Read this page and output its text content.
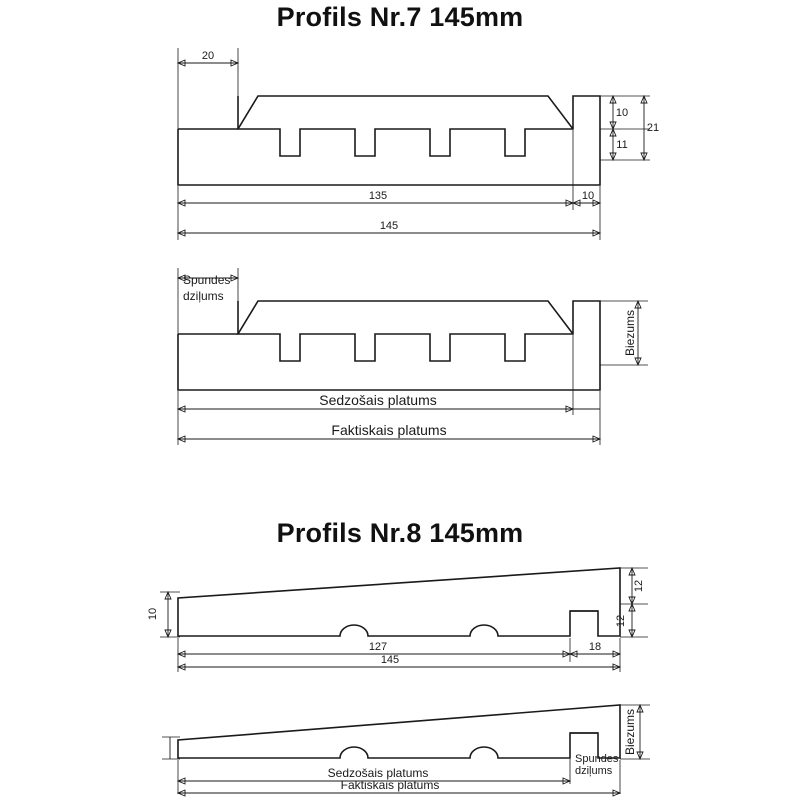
Profils Nr.7 145mm
Profils Nr.8 145mm
20
10
11
21
135	10
145
Spundes
dziļums
Biezums
Sedzošais platums
Faktiskais platums
10
12
12
127	18
145
Biezums
Spundes
dziļums
Sedzošais platums
Faktiskais platums
